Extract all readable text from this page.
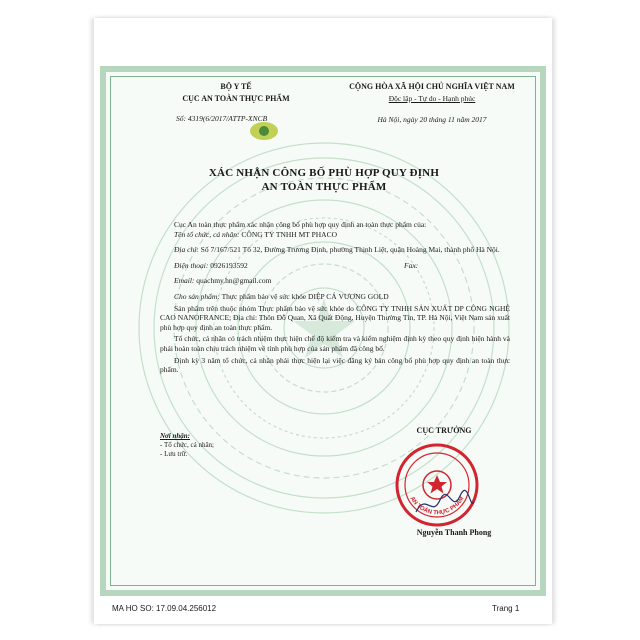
BỘ Y TẾ
CỤC AN TOÀN THỰC PHẨM
Số: 4319(6/2017/ATTP-XNCB
CỘNG HÒA XÃ HỘI CHỦ NGHĨA VIỆT NAM
Độc lập - Tự do - Hạnh phúc
Hà Nội, ngày 20 tháng 11 năm 2017
XÁC NHẬN CÔNG BỐ PHÙ HỢP QUY ĐỊNH
AN TOÀN THỰC PHẨM
Cục An toàn thực phẩm xác nhận công bố phù hợp quy định an toàn thực phẩm của:
Tên tổ chức, cá nhân: CÔNG TY TNHH MT PHACO
Địa chỉ: Số 7/167/521 Tổ 32, Đường Trương Định, phường Thịnh Liệt, quận Hoàng Mai, thành phố Hà Nội.
Điện thoại: 0926193592	Fax:
Email: quachmy.hn@gmail.com
Cho sản phẩm: Thực phẩm bảo vệ sức khỏe DIỆP CÁ VƯƠNG GOLD
Sản phẩm trên thuộc nhóm Thực phẩm bảo vệ sức khỏe do CÔNG TY TNHH SẢN XUẤT DP CÔNG NGHỆ CAO NANOFRANCE; Địa chỉ: Thôn Đỗ Quan, Xã Quất Động, Huyện Thường Tín, TP. Hà Nội, Việt Nam sản xuất phù hợp quy định an toàn thực phẩm.
Tổ chức, cá nhân có trách nhiệm thực hiện chế độ kiểm tra và kiểm nghiệm định kỳ theo quy định hiện hành và phải hoàn toàn chịu trách nhiệm về tính phù hợp của sản phẩm đã công bố.
Định kỳ 3 năm tổ chức, cá nhân phải thực hiện lại việc đăng ký bản công bố phù hợp quy định an toàn thực phẩm.
Nơi nhận:
- Tổ chức, cá nhân;
- Lưu trữ.
CỤC TRƯỞNG
AN TOÀN THỰC PHẨM
Nguyễn Thanh Phong
MA HO SO: 17.09.04.256012	Trang 1
